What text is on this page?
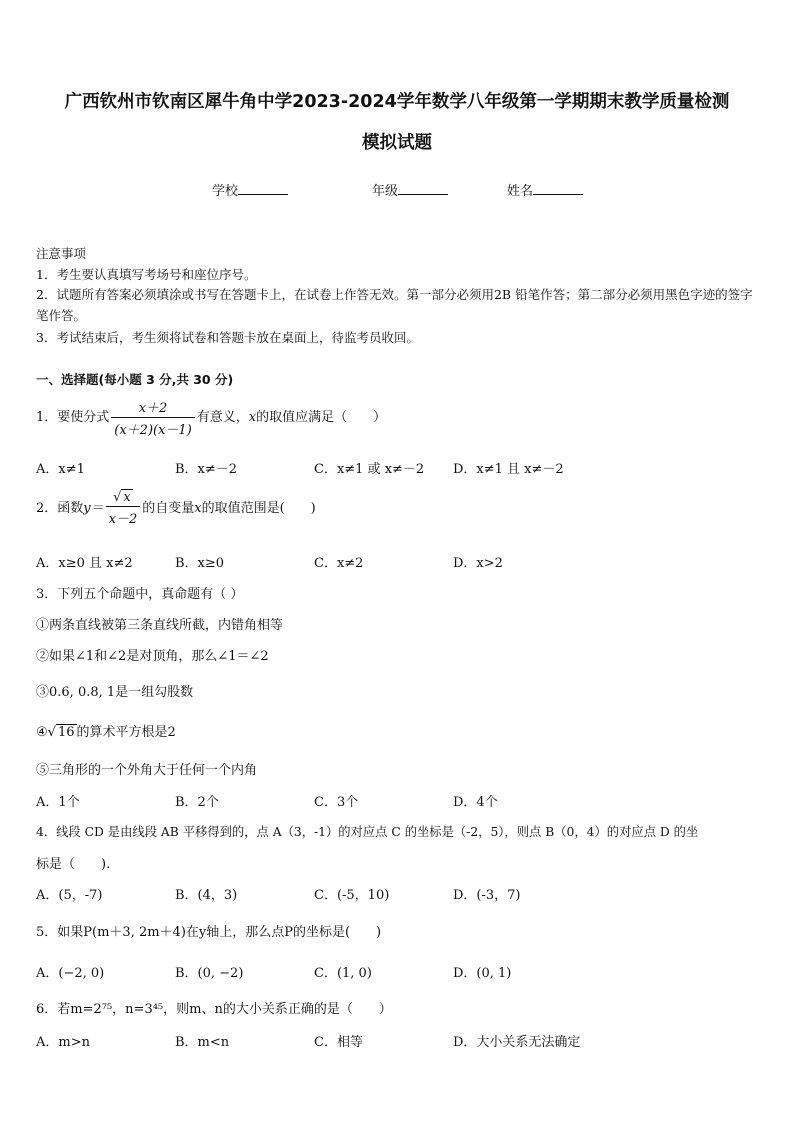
广西钦州市钦南区犀牛角中学2023-2024学年数学八年级第一学期期末教学质量检测
模拟试题
学校	年级	姓名
注意事项
1．考生要认真填写考场号和座位序号。
2．试题所有答案必须填涂或书写在答题卡上，在试卷上作答无效。第一部分必须用2B 铅笔作答；第二部分必须用黑色字迹的签字笔作答。
3．考试结束后，考生须将试卷和答题卡放在桌面上，待监考员收回。
一、选择题(每小题 3 分,共 30 分)
1．要使分式 $\frac{x+2}{(x+2)(x-1)}$ 有意义，x的取值应满足（　　）
A．x≠1	B．x≠－2	C．x≠1 或 x≠－2 D．x≠1 且 x≠－2
2．函数$y= \frac{√ x}{x-2}$ 的自变量x的取值范围是(　　)
A．x≥0 且 x≠2	B．x≥0	C．x≠2	D．x>2
3．下列五个命题中，真命题有（ ）
①两条直线被第三条直线所截，内错角相等
②如果∠1和∠2是对顶角，那么∠1＝∠2
③0.6, 0.8, 1是一组勾股数
④√ 16 的算术平方根是2
⑤三角形的一个外角大于任何一个内角
A．1个	B．2个	C．3个	D．4个
4．线段 CD 是由线段 AB 平移得到的，点 A（3，-1）的对应点 C 的坐标是（-2，5），则点 B（0，4）的对应点 D 的坐
标是（　　).
A．(5，-7)	B．(4，3)	C．(-5，10)	D．(-3，7)
5．如果P(m＋3, 2m＋4)在y轴上，那么点P的坐标是(　　)
A．(−2, 0)	B．(0, −2)	C．(1, 0)	D．(0, 1)
6．若m=2⁷⁵，n=3⁴⁵，则m、n的大小关系正确的是（　　）
A．m>n	B．m<n	C．相等	D．大小关系无法确定
